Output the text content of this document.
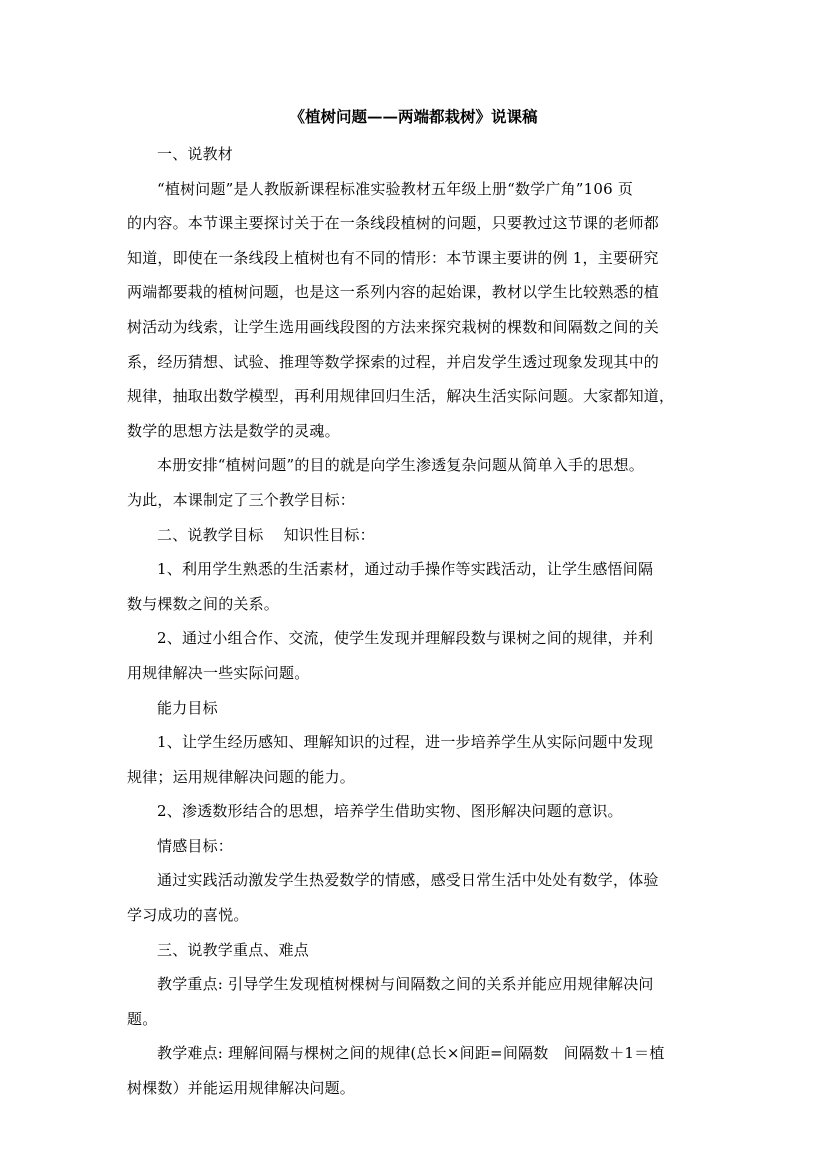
《植树问题——两端都栽树》说课稿

一、说教材

“植树问题”是人教版新课程标准实验教材五年级上册“数学广角”106 页
的内容。本节课主要探讨关于在一条线段植树的问题，只要教过这节课的老师都
知道，即使在一条线段上植树也有不同的情形：本节课主要讲的例 1，主要研究
两端都要栽的植树问题，也是这一系列内容的起始课，教材以学生比较熟悉的植
树活动为线索，让学生选用画线段图的方法来探究栽树的棵数和间隔数之间的关
系，经历猜想、试验、推理等数学探索的过程，并启发学生透过现象发现其中的
规律，抽取出数学模型，再利用规律回归生活，解决生活实际问题。大家都知道，
数学的思想方法是数学的灵魂。

本册安排“植树问题”的目的就是向学生渗透复杂问题从简单入手的思想。
为此，本课制定了三个教学目标：

二、说教学目标　 知识性目标：

1、利用学生熟悉的生活素材，通过动手操作等实践活动，让学生感悟间隔
数与棵数之间的关系。

2、通过小组合作、交流，使学生发现并理解段数与课树之间的规律，并利
用规律解决一些实际问题。

能力目标

1、让学生经历感知、理解知识的过程，进一步培养学生从实际问题中发现
规律；运用规律解决问题的能力。

2、渗透数形结合的思想，培养学生借助实物、图形解决问题的意识。

情感目标：

通过实践活动激发学生热爱数学的情感，感受日常生活中处处有数学，体验
学习成功的喜悦。

三、说教学重点、难点

教学重点: 引导学生发现植树棵树与间隔数之间的关系并能应用规律解决问
题。

教学难点: 理解间隔与棵树之间的规律(总长×间距=间隔数　间隔数＋1＝植
树棵数）并能运用规律解决问题。
